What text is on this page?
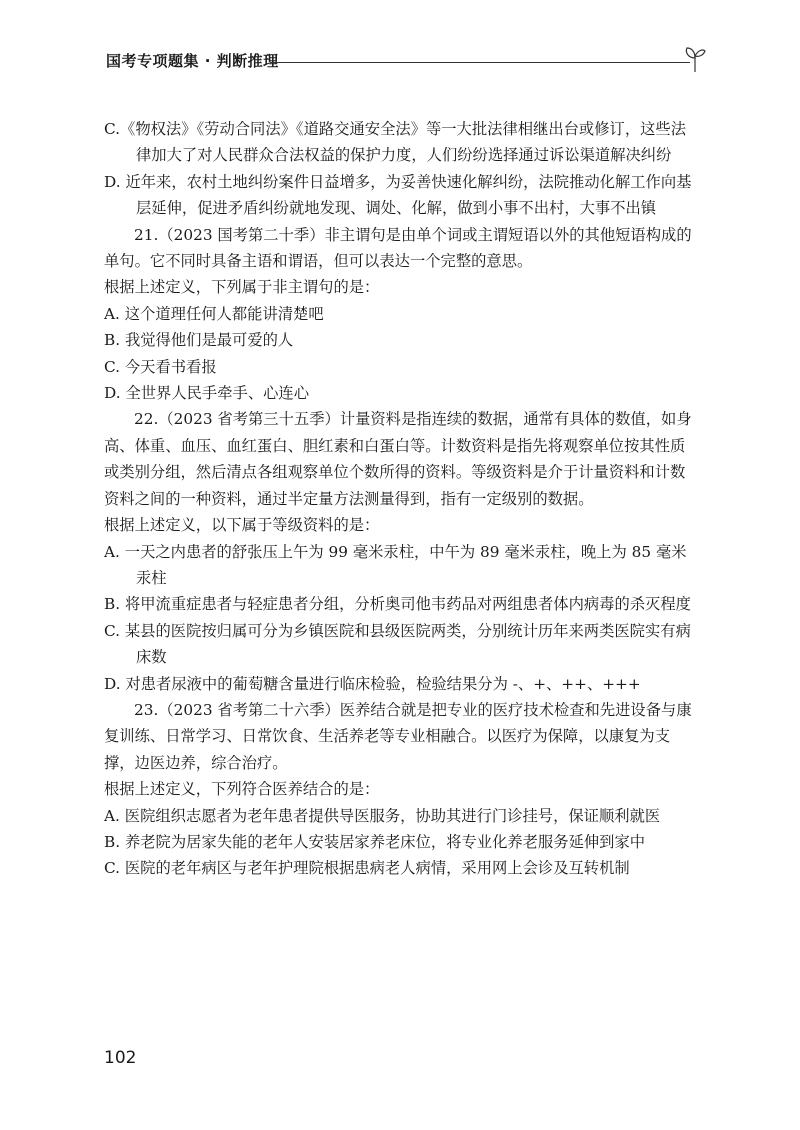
国考专项题集 · 判断推理

C.《物权法》《劳动合同法》《道路交通安全法》等一大批法律相继出台或修订，这些法律加大了对人民群众合法权益的保护力度，人们纷纷选择通过诉讼渠道解决纠纷

D. 近年来，农村土地纠纷案件日益增多，为妥善快速化解纠纷，法院推动化解工作向基层延伸，促进矛盾纠纷就地发现、调处、化解，做到小事不出村，大事不出镇

21.（2023 国考第二十季）非主谓句是由单个词或主谓短语以外的其他短语构成的单句。它不同时具备主语和谓语，但可以表达一个完整的意思。

根据上述定义，下列属于非主谓句的是：

A. 这个道理任何人都能讲清楚吧

B. 我觉得他们是最可爱的人

C. 今天看书看报

D. 全世界人民手牵手、心连心

22.（2023 省考第三十五季）计量资料是指连续的数据，通常有具体的数值，如身高、体重、血压、血红蛋白、胆红素和白蛋白等。计数资料是指先将观察单位按其性质或类别分组，然后清点各组观察单位个数所得的资料。等级资料是介于计量资料和计数资料之间的一种资料，通过半定量方法测量得到，指有一定级别的数据。

根据上述定义，以下属于等级资料的是：

A. 一天之内患者的舒张压上午为 99 毫米汞柱，中午为 89 毫米汞柱，晚上为 85 毫米汞柱

B. 将甲流重症患者与轻症患者分组，分析奥司他韦药品对两组患者体内病毒的杀灭程度

C. 某县的医院按归属可分为乡镇医院和县级医院两类，分别统计历年来两类医院实有病床数

D. 对患者尿液中的葡萄糖含量进行临床检验，检验结果分为 -、+、++、+++

23.（2023 省考第二十六季）医养结合就是把专业的医疗技术检查和先进设备与康复训练、日常学习、日常饮食、生活养老等专业相融合。以医疗为保障，以康复为支撑，边医边养，综合治疗。

根据上述定义，下列符合医养结合的是：

A. 医院组织志愿者为老年患者提供导医服务，协助其进行门诊挂号，保证顺利就医

B. 养老院为居家失能的老年人安装居家养老床位，将专业化养老服务延伸到家中

C. 医院的老年病区与老年护理院根据患病老人病情，采用网上会诊及互转机制

102
